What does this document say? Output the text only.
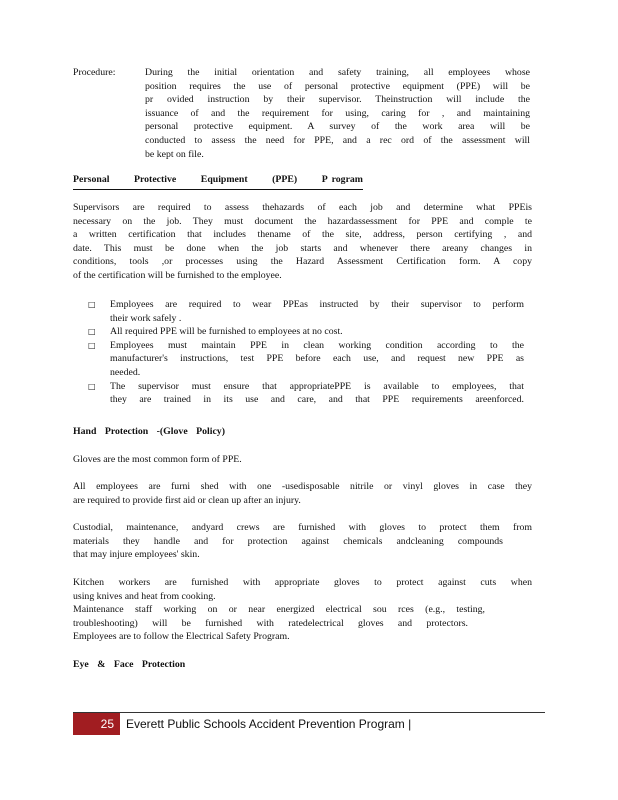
Procedure:	During the initial orientation and safety training, all employees whose
position requires the use of personal protective equipment (PPE) will be
pr ovided instruction by their supervisor. Theinstruction will include the
issuance of and the requirement for using, caring for , and maintaining
personal protective equipment. A survey of the work area will be
conducted to assess the need for PPE, and a rec ord of the assessment will
be kept on file.
Personal	Protective	Equipment	(PPE)	P rogram
Supervisors are required to assess thehazards of each job and determine what PPEis
necessary on the job. They must document the hazardassessment for PPE and comple te
a written certification that includes thename of the site, address, person certifying , and
date. This must be done when the job starts and whenever there areany changes in
conditions, tools ,or processes using the Hazard Assessment Certification form. A copy
of the certification will be furnished to the employee.
□ Employees are required to wear PPEas instructed by their supervisor to perform
their work safely .
□ All required PPE will be furnished to employees at no cost.
□ Employees must maintain PPE in clean working condition according to the
manufacturer's instructions, test PPE before each use, and request new PPE as
needed.
□ The supervisor must ensure that appropriatePPE is available to employees, that
they are trained in its use and care, and that PPE requirements areenforced.
Hand Protection -(Glove Policy)
Gloves are the most common form of PPE.
All employees are furni shed with one -usedisposable nitrile or vinyl gloves in case they
are required to provide first aid or clean up after an injury.
Custodial, maintenance, andyard crews are furnished with gloves to protect them from
materials they handle and for protection against chemicals andcleaning compounds
that may injure employees' skin.
Kitchen workers are furnished with appropriate gloves to protect against cuts when
using knives and heat from cooking.
Maintenance staff working on or near energized electrical sou rces (e.g., testing,
troubleshooting) will be furnished with ratedelectrical gloves and protectors.
Employees are to follow the Electrical Safety Program.
Eye & Face Protection
25	Everett Public Schools Accident Prevention Program |
